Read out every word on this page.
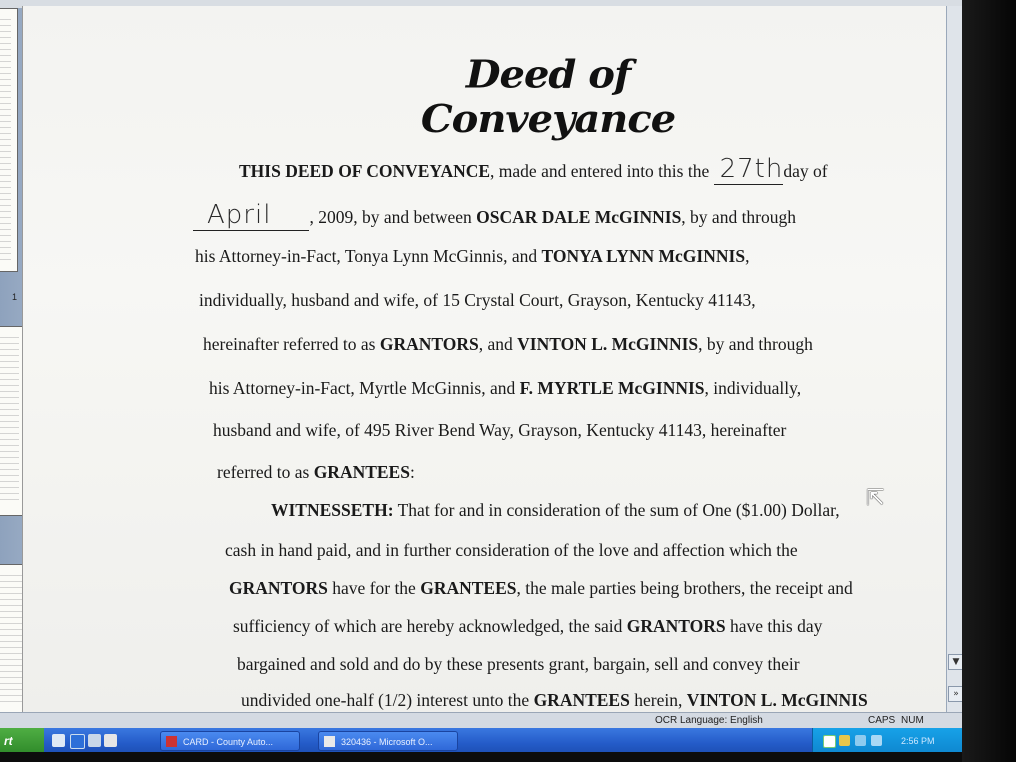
1
Deed of Conveyance
THIS DEED OF CONVEYANCE, made and entered into this the 27thday of
April , 2009, by and between OSCAR DALE McGINNIS, by and through
his Attorney-in-Fact, Tonya Lynn McGinnis, and TONYA LYNN McGINNIS,
individually, husband and wife, of 15 Crystal Court, Grayson, Kentucky 41143,
hereinafter referred to as GRANTORS, and VINTON L. McGINNIS, by and through
his Attorney-in-Fact, Myrtle McGinnis, and F. MYRTLE McGINNIS, individually,
husband and wife, of 495 River Bend Way, Grayson, Kentucky 41143, hereinafter
referred to as GRANTEES:
WITNESSETH: That for and in consideration of the sum of One ($1.00) Dollar,
cash in hand paid, and in further consideration of the love and affection which the
GRANTORS have for the GRANTEES, the male parties being brothers, the receipt and
sufficiency of which are hereby acknowledged, the said GRANTORS have this day
bargained and sold and do by these presents grant, bargain, sell and convey their
undivided one-half (1/2) interest unto the GRANTEES herein, VINTON L. McGINNIS
▼
»
OCR Language: English	CAPS NUM
rt	CARD - County Auto...	320436 - Microsoft O...	2:56 PM
⇱
